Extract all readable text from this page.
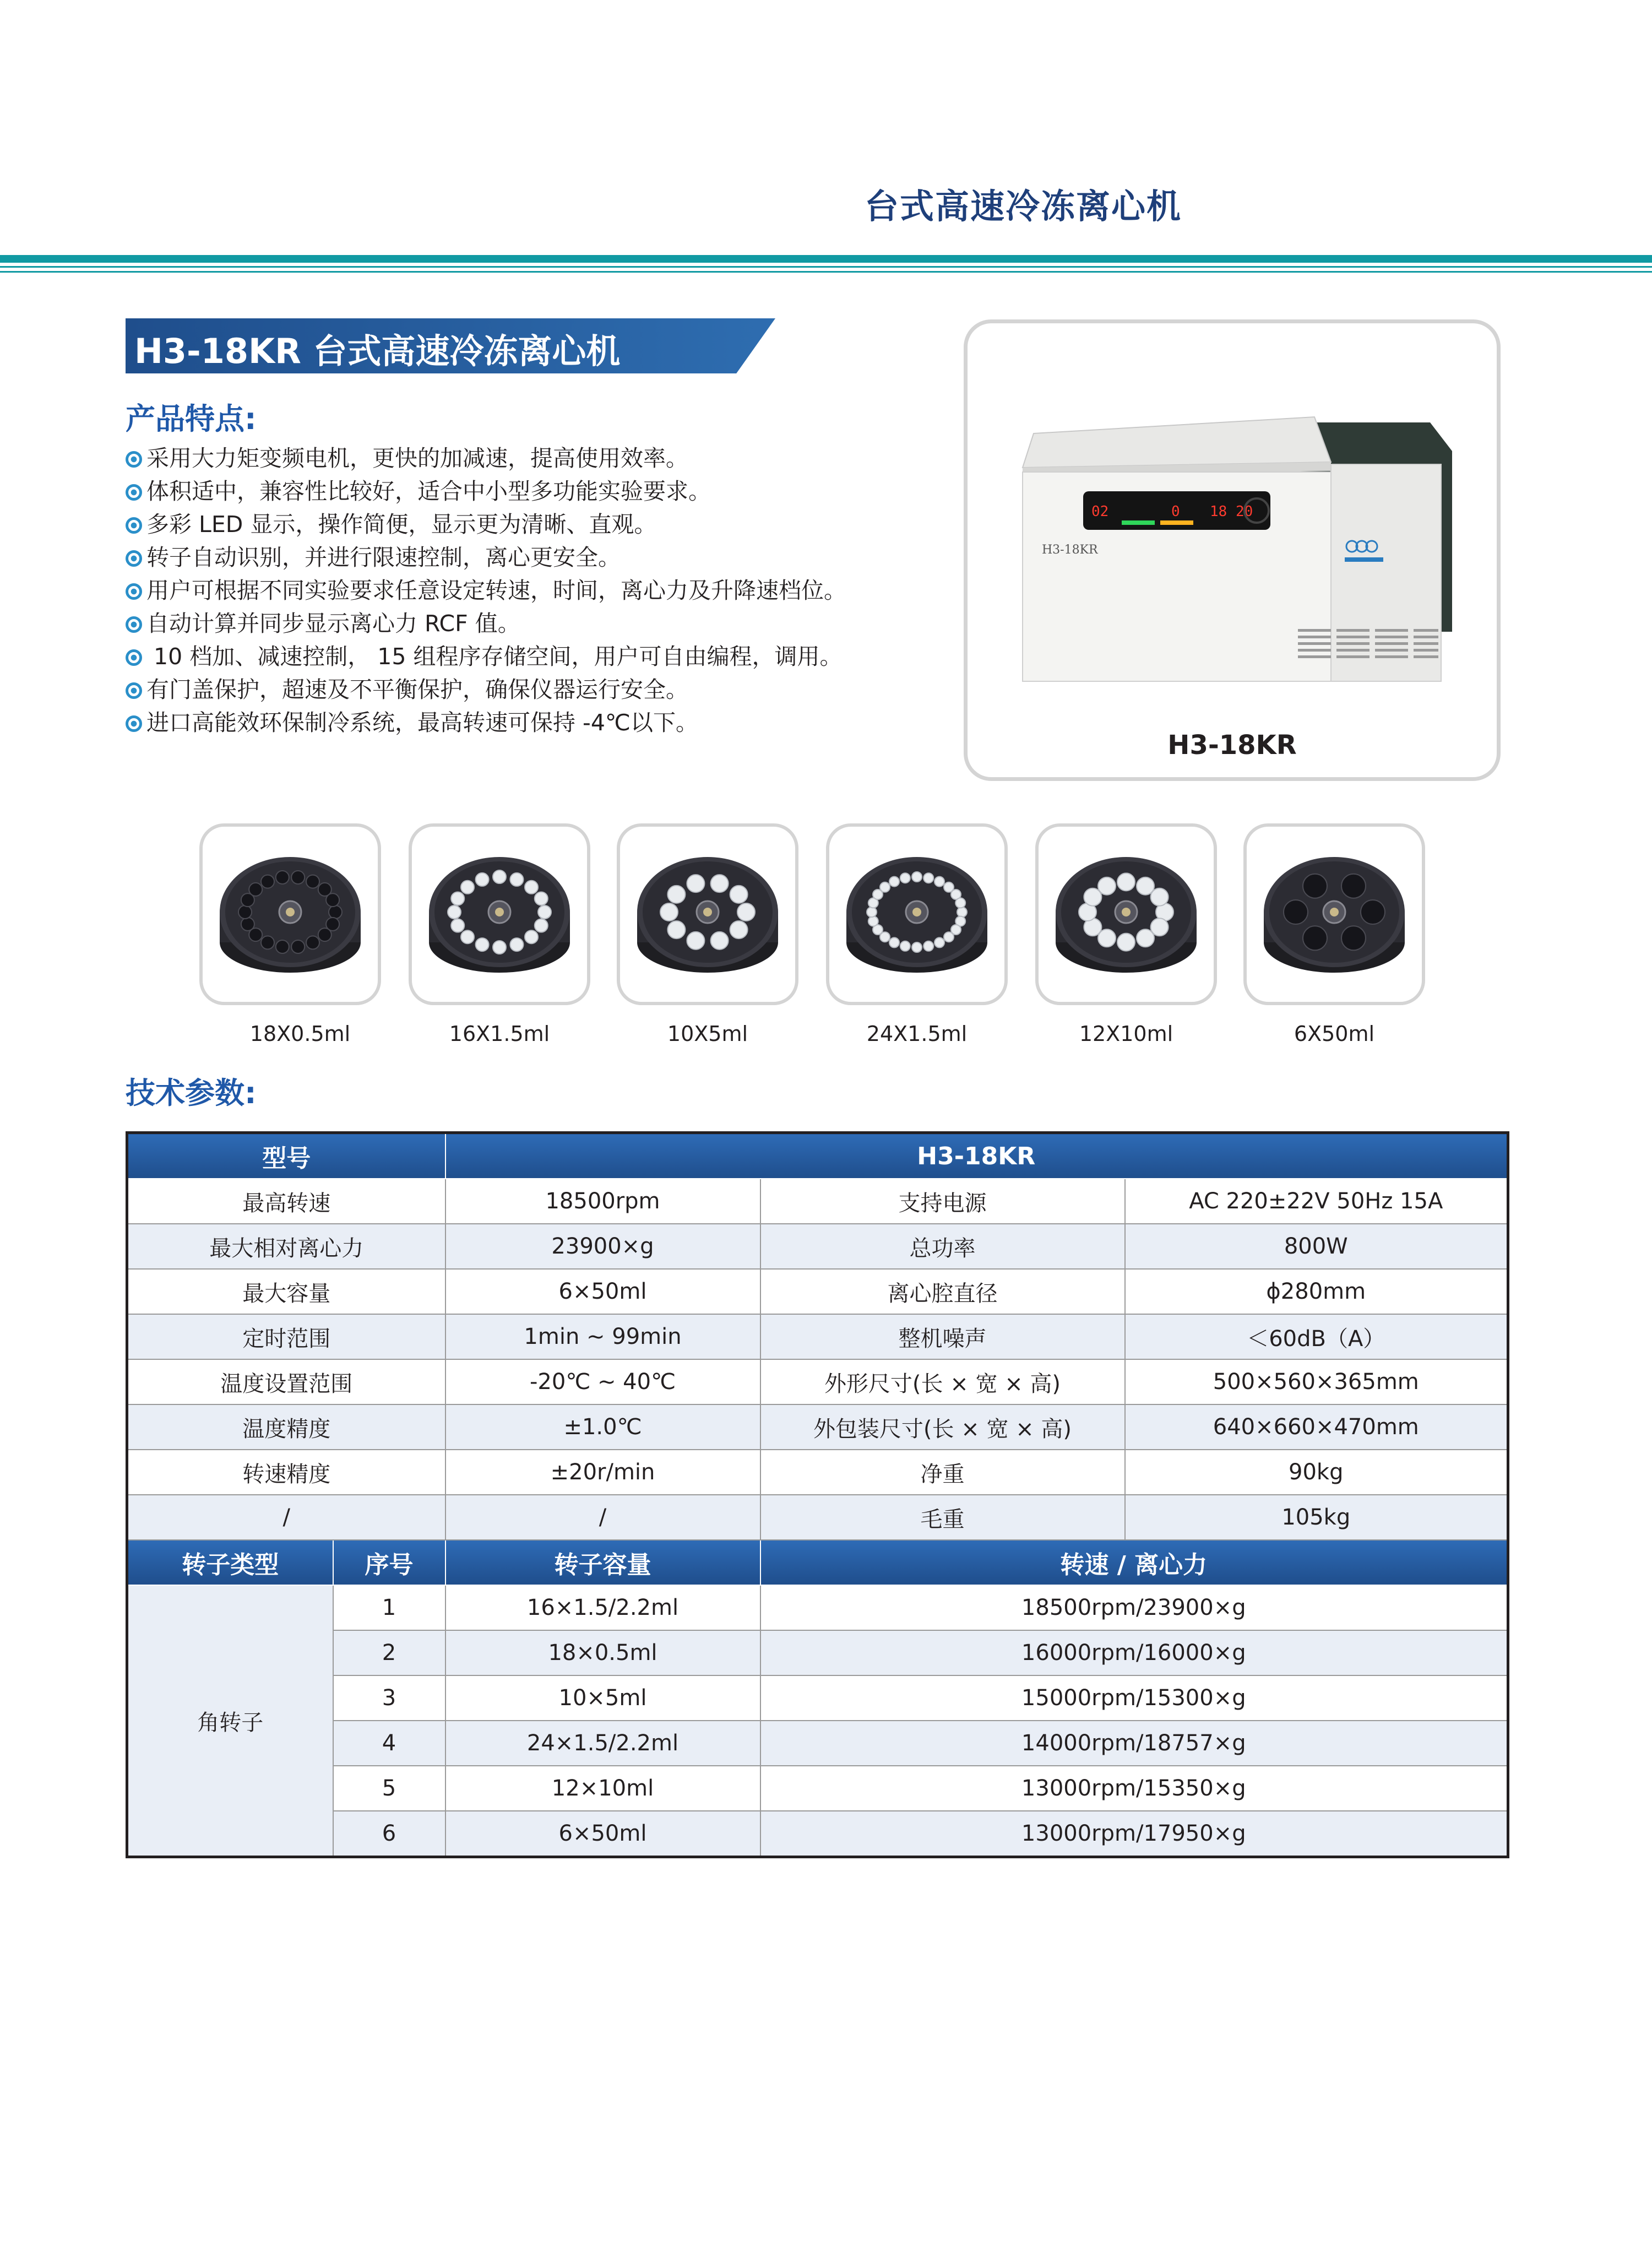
台式高速冷冻离心机
H3-18KR 台式高速冷冻离心机
产品特点:
采用大力矩变频电机，更快的加减速，提高使用效率。
体积适中，兼容性比较好，适合中小型多功能实验要求。
多彩 LED 显示，操作简便，显示更为清晰、直观。
转子自动识别，并进行限速控制，离心更安全。
用户可根据不同实验要求任意设定转速，时间，离心力及升降速档位。
自动计算并同步显示离心力 RCF 值。
10 档加、减速控制， 15 组程序存储空间，用户可自由编程，调用。
有门盖保护，超速及不平衡保护，确保仪器运行安全。
进口高能效环保制冷系统，最高转速可保持 -4℃以下。
02	0 18 20
H3-18KR
H3-18KR
18X0.5ml	16X1.5ml	10X5ml	24X1.5ml	12X10ml	6X50ml
技术参数:
型号		H3-18KR		
最高转速		18500rpm	支持电源	AC 220±22V 50Hz 15A
最大相对离心力		23900×g	总功率	800W
最大容量		6×50ml	离心腔直径	ϕ280mm
定时范围		1min ~ 99min	整机噪声	＜60dB（A）
温度设置范围		-20℃ ~ 40℃	外形尺寸(长 × 宽 × 高)	500×560×365mm
温度精度		±1.0℃	外包装尺寸(长 × 宽 × 高)	640×660×470mm
转速精度		±20r/min	净重	90kg
/		/	毛重	105kg
转子类型	序号	转子容量	转速 / 离心力	
角转子	1	16×1.5/2.2ml	18500rpm/23900×g	
	2	18×0.5ml	16000rpm/16000×g	
	3	10×5ml	15000rpm/15300×g	
	4	24×1.5/2.2ml	14000rpm/18757×g	
	5	12×10ml	13000rpm/15350×g	
	6	6×50ml	13000rpm/17950×g	
